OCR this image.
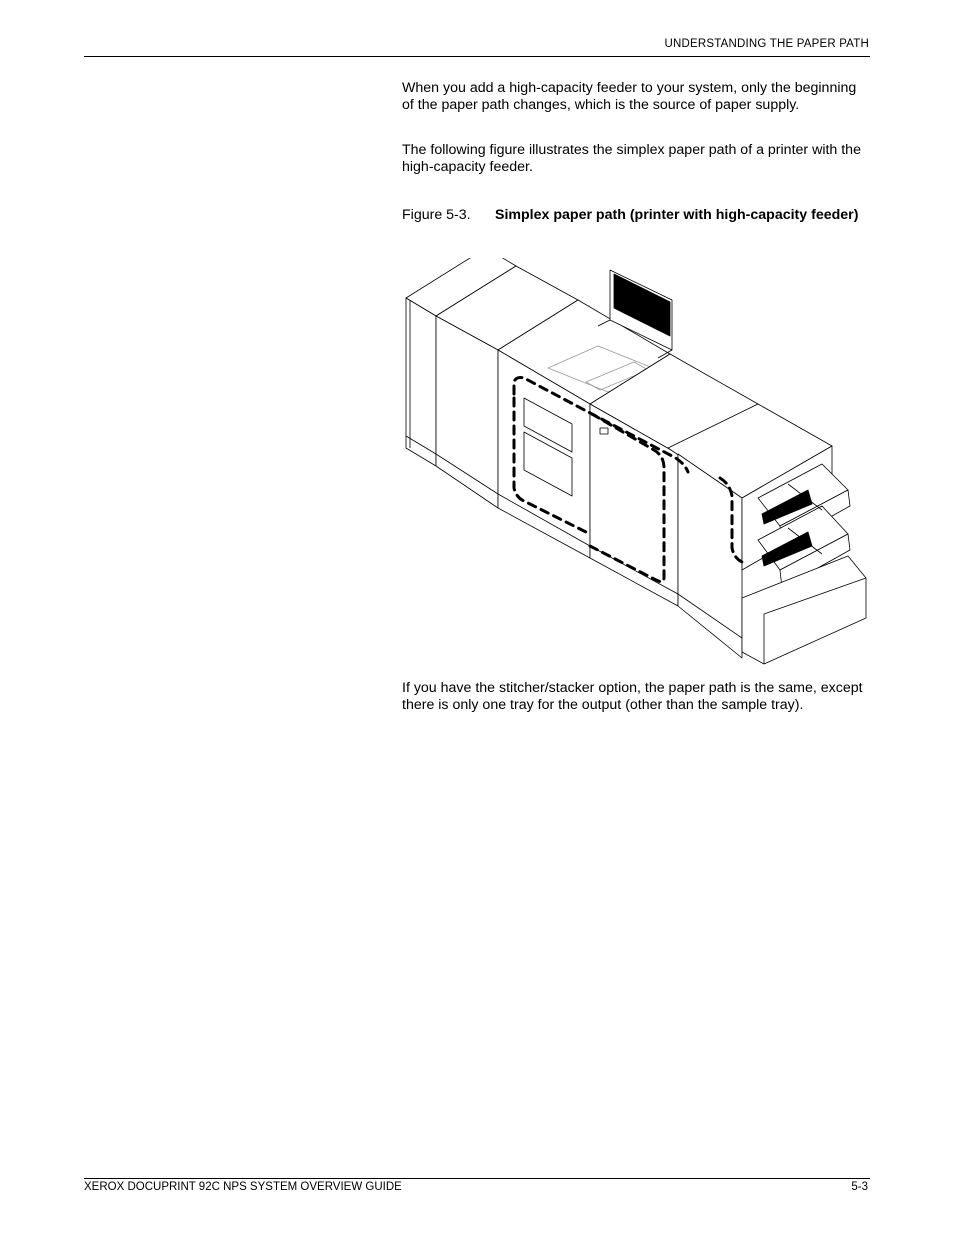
UNDERSTANDING THE PAPER PATH

When you add a high-capacity feeder to your system, only the beginning of the paper path changes, which is the source of paper supply.

The following figure illustrates the simplex paper path of a printer with the high-capacity feeder.

Figure 5-3. Simplex paper path (printer with high-capacity feeder)

If you have the stitcher/stacker option, the paper path is the same, except there is only one tray for the output (other than the sample tray).

XEROX DOCUPRINT 92C NPS SYSTEM OVERVIEW GUIDE	5-3
